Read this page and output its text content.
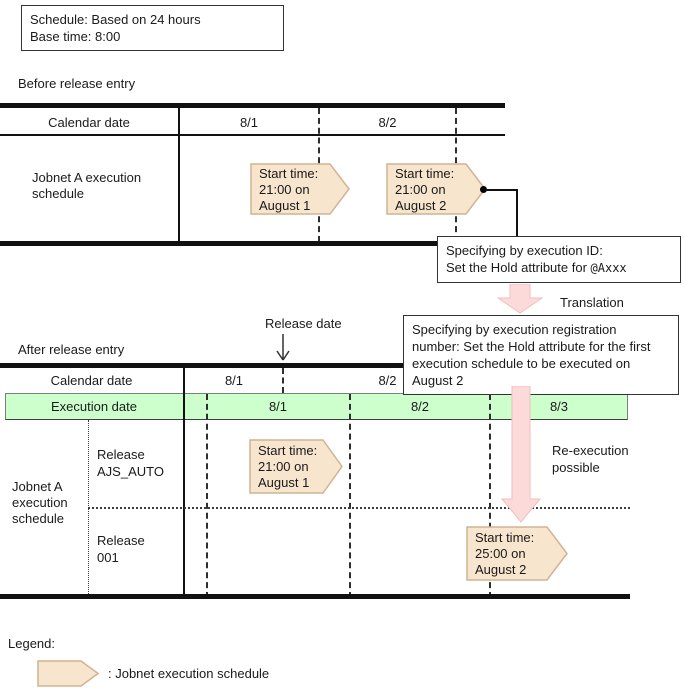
Schedule: Based on 24 hours
Base time: 8:00
Before release entry
Calendar date	8/1	8/2
Jobnet A execution
schedule
Start time:
21:00 on
August 1
Start time:
21:00 on
August 2
Specifying by execution ID:
Set the Hold attribute for @Axxx
Translation
Release date
After release entry
Calendar date	8/1	8/2
Execution date	8/1	8/2	8/3
Jobnet A
execution
schedule
Release
AJS_AUTO
Release
001
Start time:
21:00 on
August 1
Re-execution
possible
Specifying by execution registration
number: Set the Hold attribute for the first
execution schedule to be executed on
August 2
Start time:
25:00 on
August 2
Legend:
: Jobnet execution schedule
